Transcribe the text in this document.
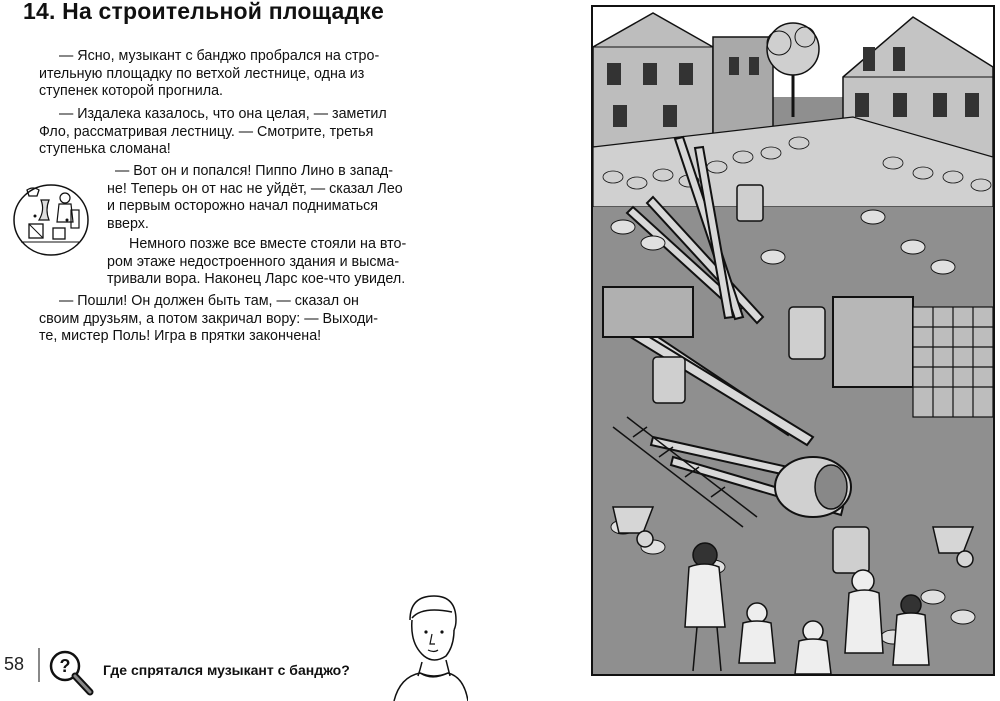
14. На строительной площадке
— Ясно, музыкант с банджо пробрался на стро-
ительную площадку по ветхой лестнице, одна из
ступенек которой прогнила.
— Издалека казалось, что она целая, — заметил
Фло, рассматривая лестницу. — Смотрите, третья
ступенька сломана!
— Вот он и попался! Пиппо Лино в запад-
не! Теперь он от нас не уйдёт, — сказал Лео
и первым осторожно начал подниматься
вверх.
Немного позже все вместе стояли на вто-
ром этаже недостроенного здания и высма-
тривали вора. Наконец Ларс кое-что увидел.
— Пошли! Он должен быть там, — сказал он
своим друзьям, а потом закричал вору: — Выходи-
те, мистер Поль! Игра в прятки закончена!
58	?	Где спрятался музыкант с банджо?
